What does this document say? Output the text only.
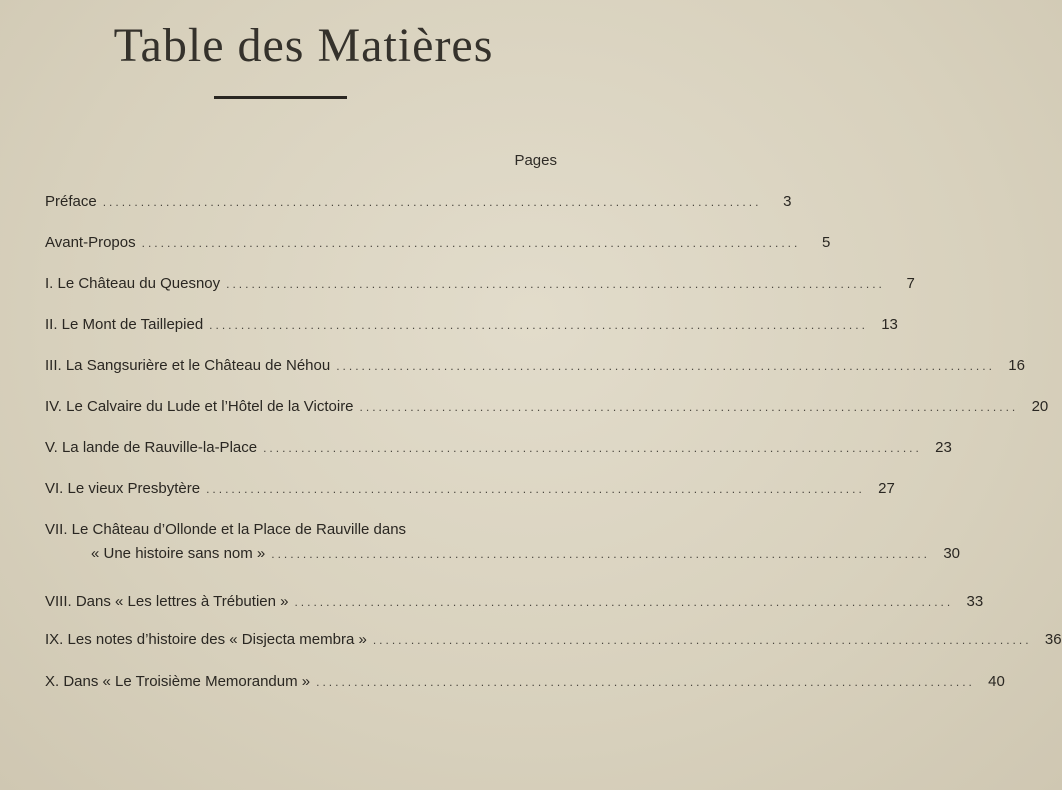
Table des Matières
Pages
Préface ........................................................................................................	3
Avant-Propos ........................................................................................................	5
I. Le Château du Quesnoy ........................................................................................................	7
II. Le Mont de Taillepied ........................................................................................................ 13
III. La Sangsurière et le Château de Néhou ........................................................................................................ 16
IV. Le Calvaire du Lude et l’Hôtel de la Victoire ........................................................................................................ 20
V. La lande de Rauville-la-Place ........................................................................................................ 23
VI. Le vieux Presbytère ........................................................................................................ 27
VII. Le Château d’Ollonde et la Place de Rauville dans
« Une histoire sans nom » ........................................................................................................ 30
VIII. Dans « Les lettres à Trébutien » ........................................................................................................ 33
IX. Les notes d’histoire des « Disjecta membra » ........................................................................................................ 36
X. Dans « Le Troisième Memorandum » ........................................................................................................ 40
